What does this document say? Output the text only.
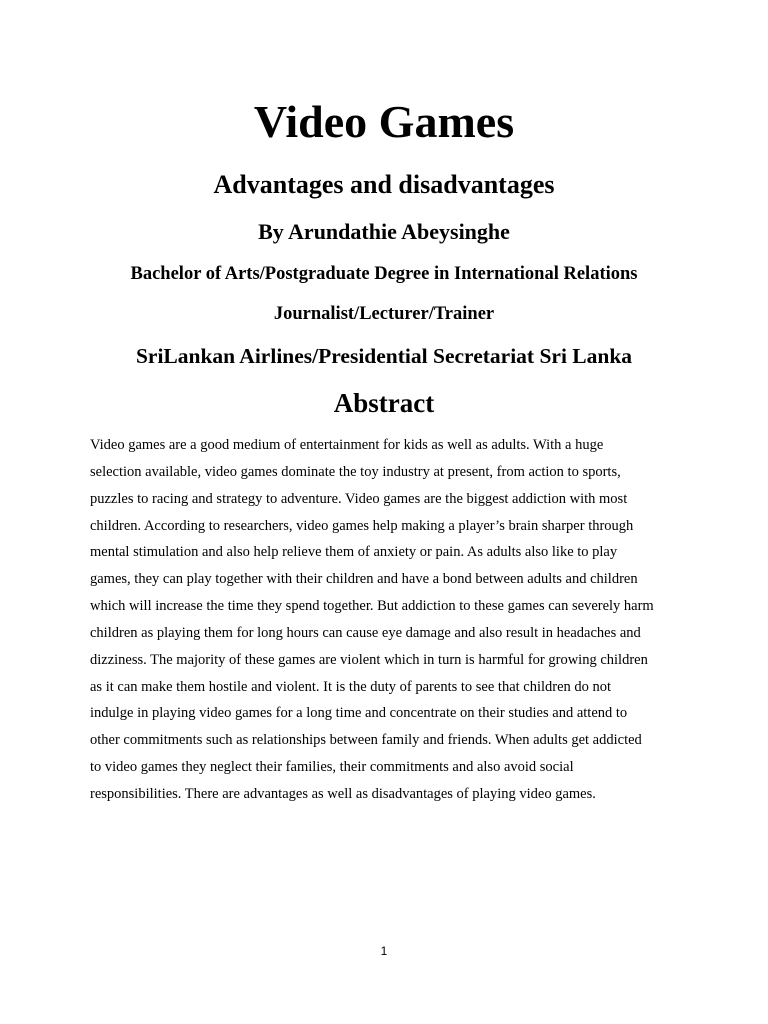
Video Games
Advantages and disadvantages
By Arundathie Abeysinghe
Bachelor of Arts/Postgraduate Degree in International Relations
Journalist/Lecturer/Trainer
SriLankan Airlines/Presidential Secretariat Sri Lanka
Abstract

Video games are a good medium of entertainment for kids as well as adults. With a huge
selection available, video games dominate the toy industry at present, from action to sports,
puzzles to racing and strategy to adventure. Video games are the biggest addiction with most
children. According to researchers, video games help making a player’s brain sharper through
mental stimulation and also help relieve them of anxiety or pain. As adults also like to play
games, they can play together with their children and have a bond between adults and children
which will increase the time they spend together. But addiction to these games can severely harm
children as playing them for long hours can cause eye damage and also result in headaches and
dizziness. The majority of these games are violent which in turn is harmful for growing children
as it can make them hostile and violent. It is the duty of parents to see that children do not
indulge in playing video games for a long time and concentrate on their studies and attend to
other commitments such as relationships between family and friends. When adults get addicted
to video games they neglect their families, their commitments and also avoid social
responsibilities. There are advantages as well as disadvantages of playing video games.

1
